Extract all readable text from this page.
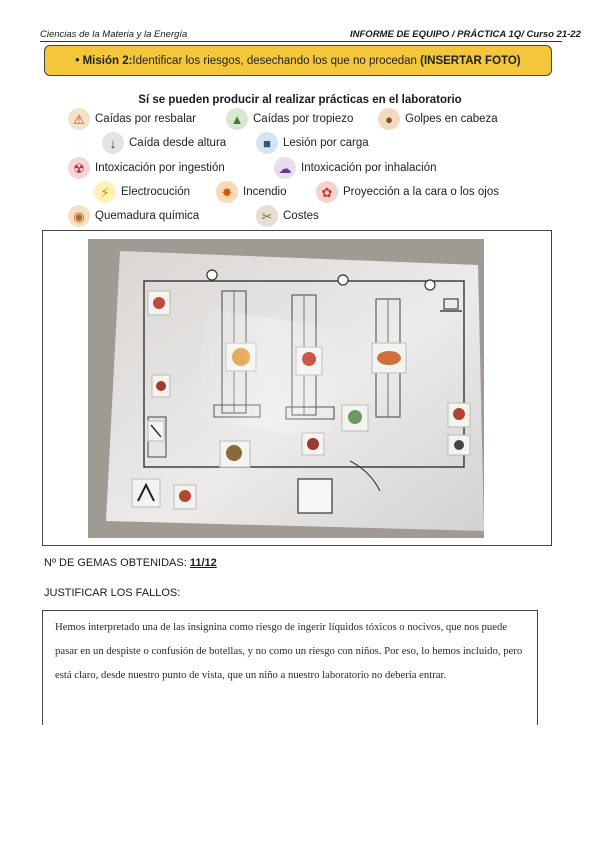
Ciencias de la Materia y la Energía	INFORME DE EQUIPO / PRÁCTICA 1Q/ Curso 21-22
• Misión 2: Identificar los riesgos, desechando los que no procedan (INSERTAR FOTO)
Sí se pueden producir al realizar prácticas en el laboratorio
⚠ Caídas por resbalar	▲ Caídas por tropiezo	●	Golpes en cabeza
↓	Caída desde altura	■	Lesión por carga
☢ Intoxicación por ingestión	☁ Intoxicación por inhalación
⚡ Electrocución	✸ Incendio	✿ Proyección a la cara o los ojos
◉ Quemadura química	✂ Costes
Nº DE GEMAS OBTENIDAS: 11/12
JUSTIFICAR LOS FALLOS:

Hemos interpretado una de las insignina como riesgo de ingerir líquidos tóxicos o nocivos, que nos puede pasar en un despiste o confusión de botellas, y no como un riesgo con niños. Por eso, lo hemos incluido, pero está claro, desde nuestro punto de vista, que un niño a nuestro laboratorio no debería entrar.
